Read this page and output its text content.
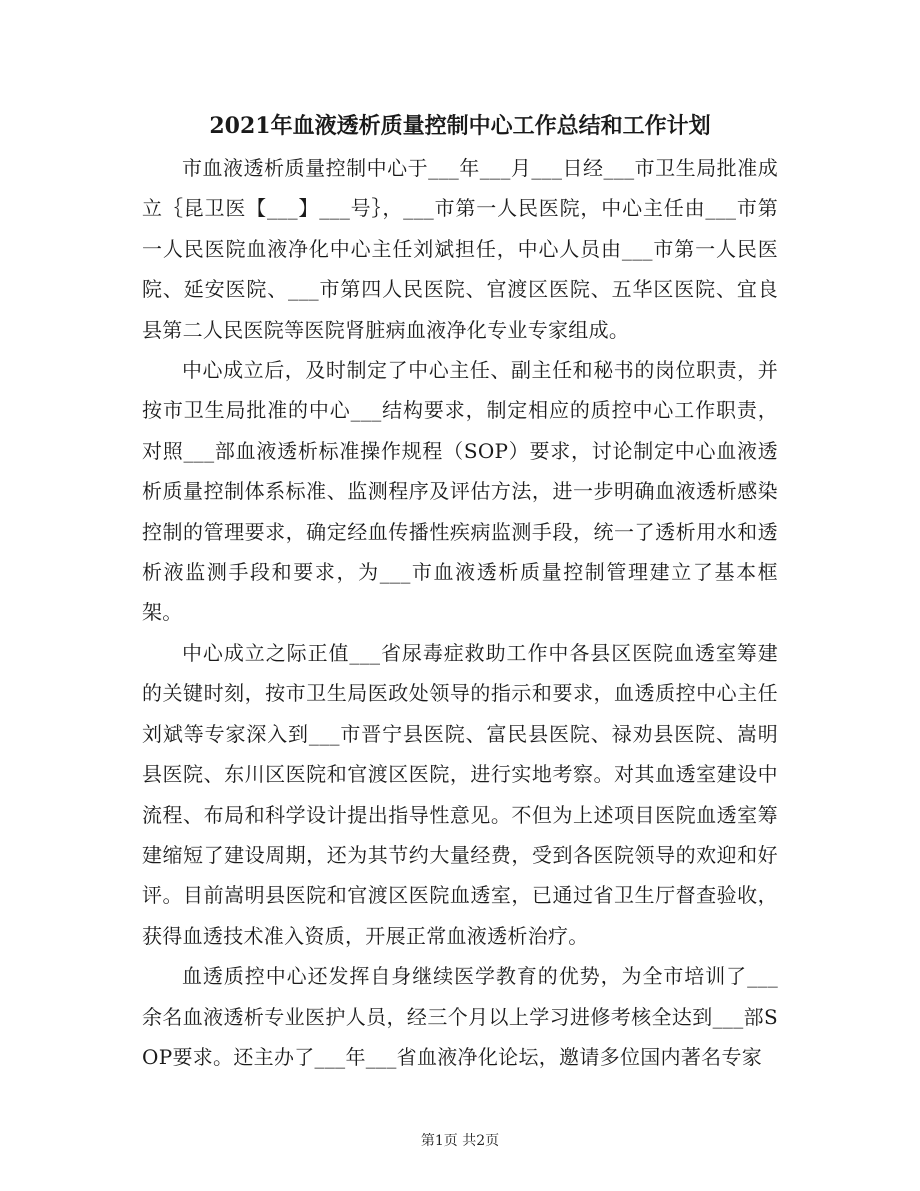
2021年血液透析质量控制中心工作总结和工作计划

市血液透析质量控制中心于___年___月___日经___市卫生局批准成立｛昆卫医【___】___号｝，___市第一人民医院，中心主任由___市第一人民医院血液净化中心主任刘斌担任，中心人员由___市第一人民医院、延安医院、___市第四人民医院、官渡区医院、五华区医院、宜良县第二人民医院等医院肾脏病血液净化专业专家组成。

中心成立后，及时制定了中心主任、副主任和秘书的岗位职责，并按市卫生局批准的中心___结构要求，制定相应的质控中心工作职责，对照___部血液透析标准操作规程（SOP）要求，讨论制定中心血液透析质量控制体系标准、监测程序及评估方法，进一步明确血液透析感染控制的管理要求，确定经血传播性疾病监测手段，统一了透析用水和透析液监测手段和要求，为___市血液透析质量控制管理建立了基本框架。

中心成立之际正值___省尿毒症救助工作中各县区医院血透室筹建的关键时刻，按市卫生局医政处领导的指示和要求，血透质控中心主任刘斌等专家深入到___市晋宁县医院、富民县医院、禄劝县医院、嵩明县医院、东川区医院和官渡区医院，进行实地考察。对其血透室建设中流程、布局和科学设计提出指导性意见。不但为上述项目医院血透室筹建缩短了建设周期，还为其节约大量经费，受到各医院领导的欢迎和好评。目前嵩明县医院和官渡区医院血透室，已通过省卫生厅督查验收，获得血透技术准入资质，开展正常血液透析治疗。

血透质控中心还发挥自身继续医学教育的优势，为全市培训了___余名血液透析专业医护人员，经三个月以上学习进修考核全达到___部SOP要求。还主办了___年___省血液净化论坛，邀请多位国内著名专家

第1页 共2页
